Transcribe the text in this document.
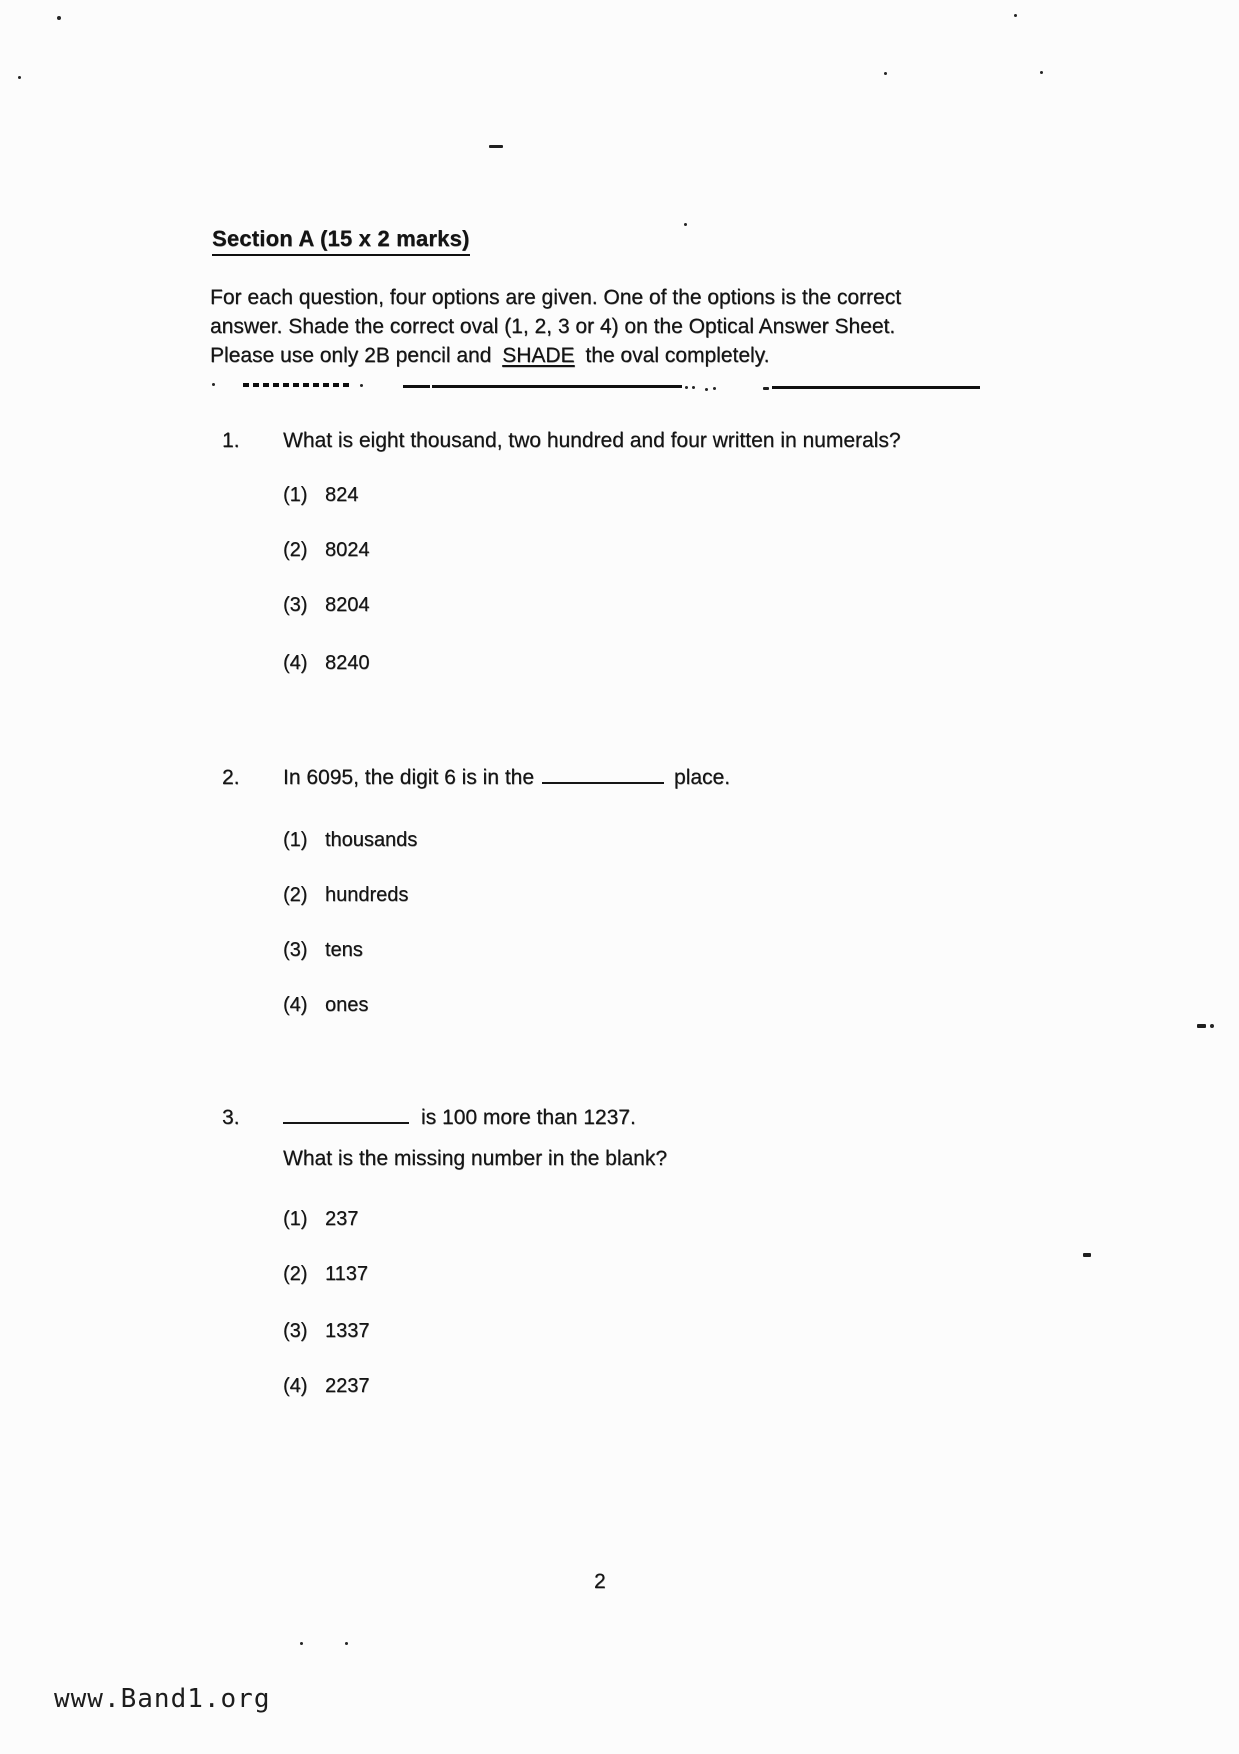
Section A (15 x 2 marks)
For each question, four options are given. One of the options is the correct
answer. Shade the correct oval (1, 2, 3 or 4) on the Optical Answer Sheet.
Please use only 2B pencil and SHADE the oval completely.
1. What is eight thousand, two hundred and four written in numerals?
(1) 824
(2) 8024
(3) 8204
(4) 8240
2. In 6095, the digit 6 is in the	place.
(1) thousands
(2) hundreds
(3) tens
(4) ones
3.	is 100 more than 1237.
What is the missing number in the blank?
(1) 237
(2) 1137
(3) 1337
(4) 2237
2
www.Band1.org
